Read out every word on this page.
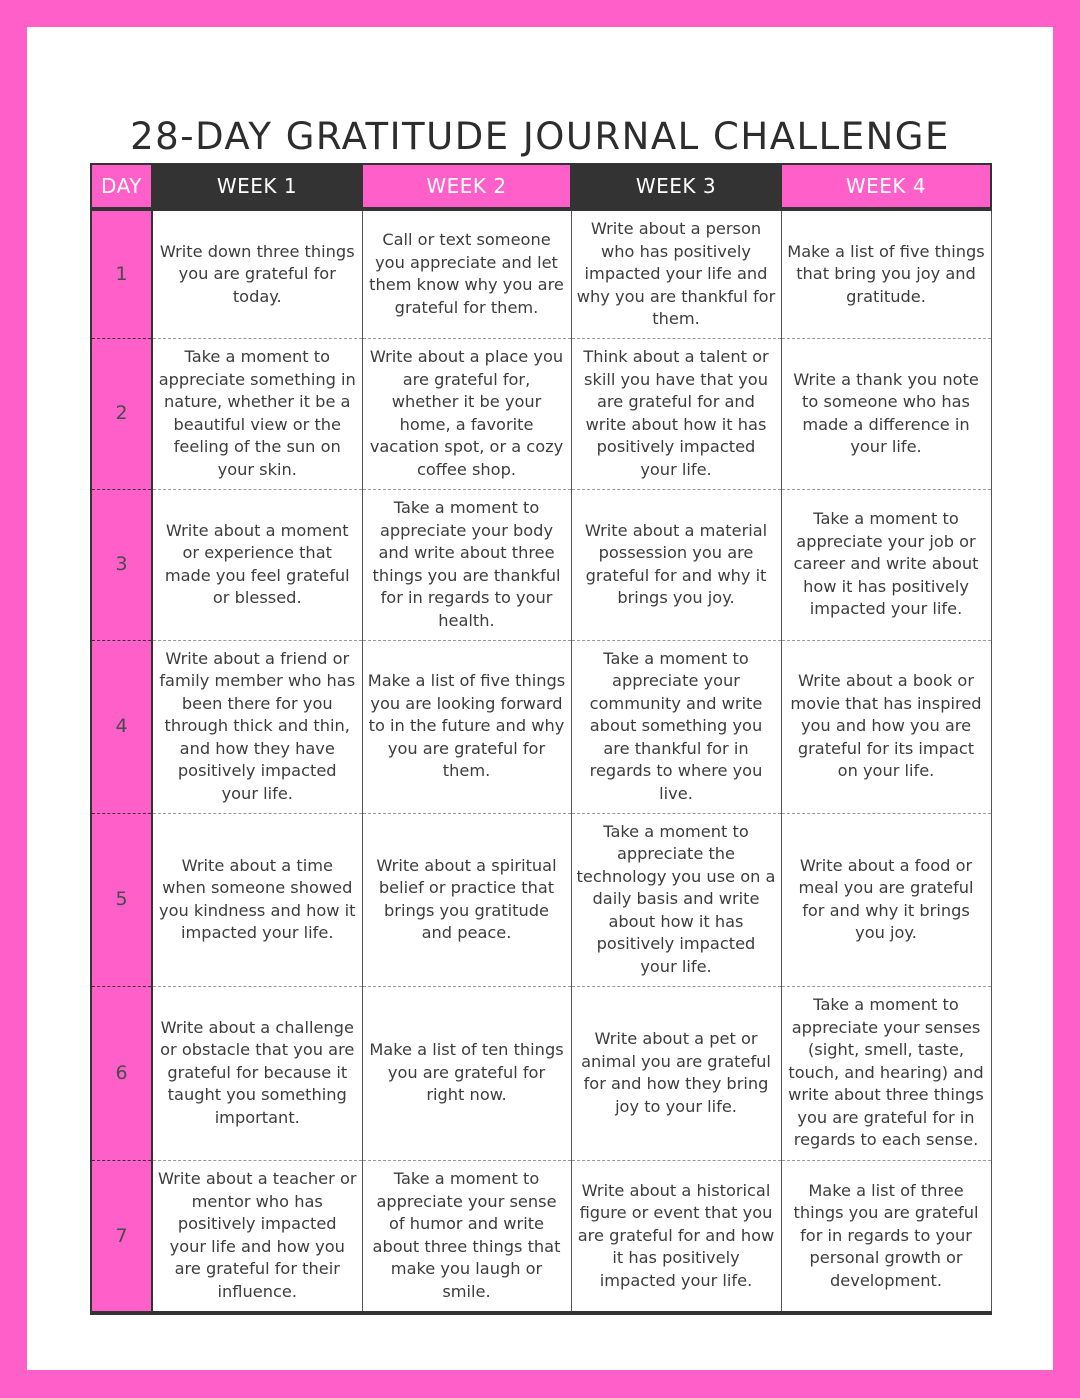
28-DAY GRATITUDE JOURNAL CHALLENGE
DAY	WEEK 1	WEEK 2	WEEK 3	WEEK 4
1	Write down three things you are grateful for today.	Call or text someone you appreciate and let them know why you are grateful for them.	Write about a person who has positively impacted your life and why you are thankful for them.	Make a list of five things that bring you joy and gratitude.
2	Take a moment to appreciate something in nature, whether it be a beautiful view or the feeling of the sun on your skin.	Write about a place you are grateful for, whether it be your home, a favorite vacation spot, or a cozy coffee shop.	Think about a talent or skill you have that you are grateful for and write about how it has positively impacted your life.	Write a thank you note to someone who has made a difference in your life.
3	Write about a moment or experience that made you feel grateful or blessed.	Take a moment to appreciate your body and write about three things you are thankful for in regards to your health.	Write about a material possession you are grateful for and why it brings you joy.	Take a moment to appreciate your job or career and write about how it has positively impacted your life.
4	Write about a friend or family member who has been there for you through thick and thin, and how they have positively impacted your life.	Make a list of five things you are looking forward to in the future and why you are grateful for them.	Take a moment to appreciate your community and write about something you are thankful for in regards to where you live.	Write about a book or movie that has inspired you and how you are grateful for its impact on your life.
5	Write about a time when someone showed you kindness and how it impacted your life.	Write about a spiritual belief or practice that brings you gratitude and peace.	Take a moment to appreciate the technology you use on a daily basis and write about how it has positively impacted your life.	Write about a food or meal you are grateful for and why it brings you joy.
6	Write about a challenge or obstacle that you are grateful for because it taught you something important.	Make a list of ten things you are grateful for right now.	Write about a pet or animal you are grateful for and how they bring joy to your life.	Take a moment to appreciate your senses (sight, smell, taste, touch, and hearing) and write about three things you are grateful for in regards to each sense.
7	Write about a teacher or mentor who has positively impacted your life and how you are grateful for their influence.	Take a moment to appreciate your sense of humor and write about three things that make you laugh or smile.	Write about a historical figure or event that you are grateful for and how it has positively impacted your life.	Make a list of three things you are grateful for in regards to your personal growth or development.
